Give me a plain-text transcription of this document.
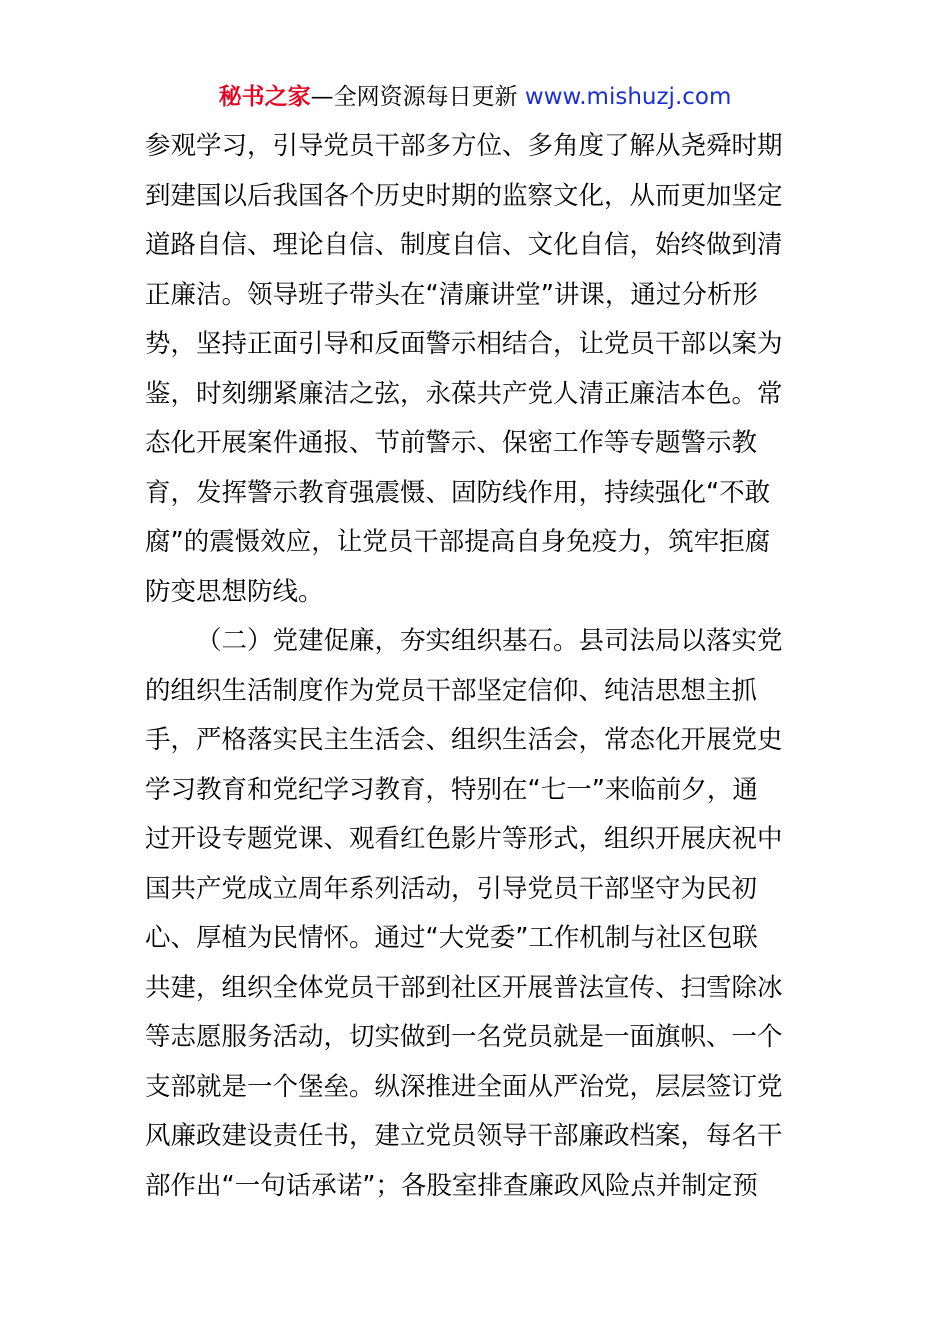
秘书之家—全网资源每日更新 www.mishuzj.com
参观学习，引导党员干部多方位、多角度了解从尧舜时期
到建国以后我国各个历史时期的监察文化，从而更加坚定
道路自信、理论自信、制度自信、文化自信，始终做到清
正廉洁。领导班子带头在“清廉讲堂”讲课，通过分析形
势，坚持正面引导和反面警示相结合，让党员干部以案为
鉴，时刻绷紧廉洁之弦，永葆共产党人清正廉洁本色。常
态化开展案件通报、节前警示、保密工作等专题警示教
育，发挥警示教育强震慑、固防线作用，持续强化“不敢
腐”的震慑效应，让党员干部提高自身免疫力，筑牢拒腐
防变思想防线。
（二）党建促廉，夯实组织基石。县司法局以落实党
的组织生活制度作为党员干部坚定信仰、纯洁思想主抓
手，严格落实民主生活会、组织生活会，常态化开展党史
学习教育和党纪学习教育，特别在“七一”来临前夕，通
过开设专题党课、观看红色影片等形式，组织开展庆祝中
国共产党成立周年系列活动，引导党员干部坚守为民初
心、厚植为民情怀。通过“大党委”工作机制与社区包联
共建，组织全体党员干部到社区开展普法宣传、扫雪除冰
等志愿服务活动，切实做到一名党员就是一面旗帜、一个
支部就是一个堡垒。纵深推进全面从严治党，层层签订党
风廉政建设责任书，建立党员领导干部廉政档案，每名干
部作出“一句话承诺”；各股室排查廉政风险点并制定预
